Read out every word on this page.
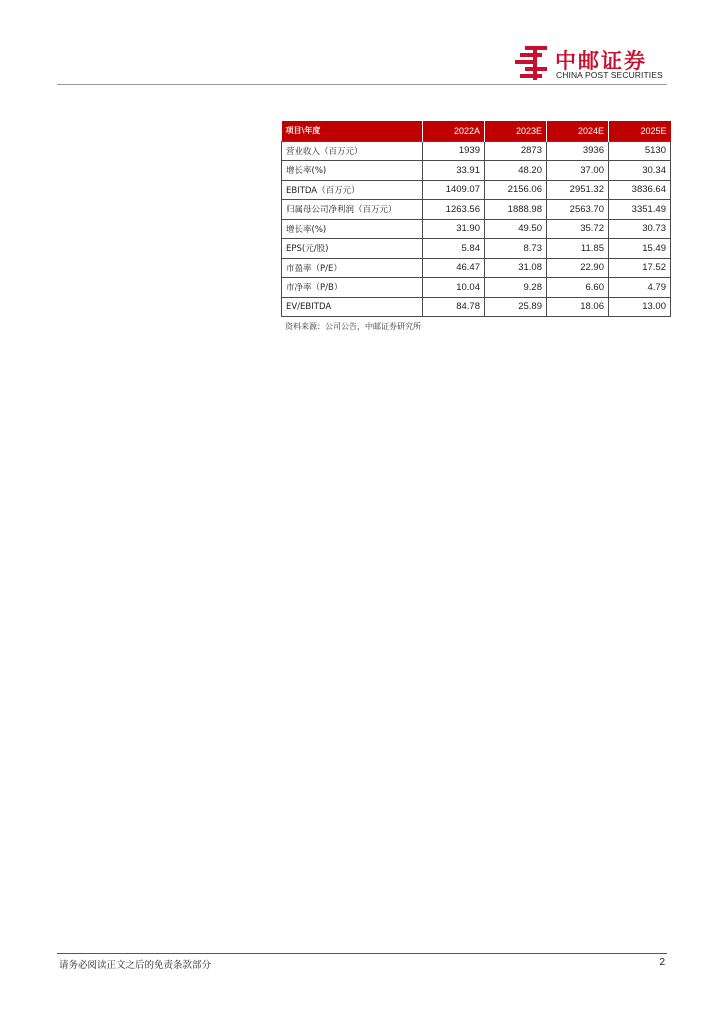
中邮证券
CHINA POST SECURITIES
项目\年度	2022A	2023E	2024E	2025E
营业收入（百万元）	1939	2873	3936	5130
增长率(%)	33.91	48.20	37.00	30.34
EBITDA（百万元）	1409.07	2156.06	2951.32	3836.64
归属母公司净利润（百万元）	1263.56	1888.98	2563.70	3351.49
增长率(%)	31.90	49.50	35.72	30.73
EPS(元/股)	5.84	8.73	11.85	15.49
市盈率（P/E）	46.47	31.08	22.90	17.52
市净率（P/B）	10.04	9.28	6.60	4.79
EV/EBITDA	84.78	25.89	18.06	13.00
资料来源：公司公告，中邮证券研究所
请务必阅读正文之后的免责条款部分	2
